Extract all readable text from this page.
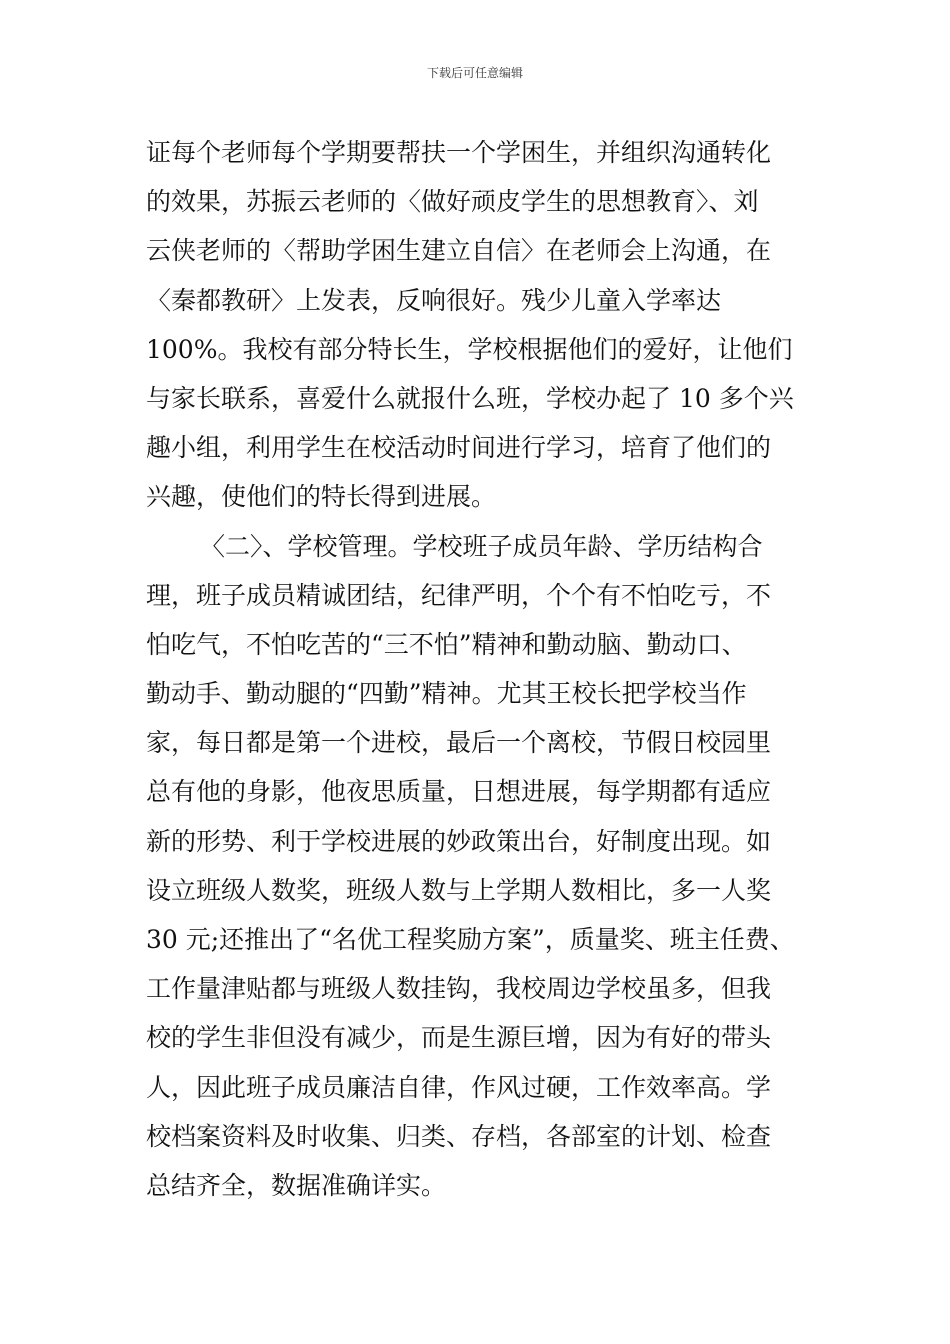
下载后可任意编辑
证每个老师每个学期要帮扶一个学困生，并组织沟通转化
的效果，苏振云老师的〈做好顽皮学生的思想教育〉、刘
云侠老师的〈帮助学困生建立自信〉在老师会上沟通，在
〈秦都教研〉上发表，反响很好。残少儿童入学率达
100%。我校有部分特长生，学校根据他们的爱好，让他们
与家长联系，喜爱什么就报什么班，学校办起了 10 多个兴
趣小组，利用学生在校活动时间进行学习，培育了他们的
兴趣，使他们的特长得到进展。
〈二〉、学校管理。学校班子成员年龄、学历结构合
理，班子成员精诚团结，纪律严明，个个有不怕吃亏，不
怕吃气，不怕吃苦的“三不怕”精神和勤动脑、勤动口、
勤动手、勤动腿的“四勤”精神。尤其王校长把学校当作
家，每日都是第一个进校，最后一个离校，节假日校园里
总有他的身影，他夜思质量，日想进展，每学期都有适应
新的形势、利于学校进展的妙政策出台，好制度出现。如
设立班级人数奖，班级人数与上学期人数相比，多一人奖
30 元;还推出了“名优工程奖励方案”，质量奖、班主任费、
工作量津贴都与班级人数挂钩，我校周边学校虽多，但我
校的学生非但没有减少，而是生源巨增，因为有好的带头
人，因此班子成员廉洁自律，作风过硬，工作效率高。学
校档案资料及时收集、归类、存档，各部室的计划、检查
总结齐全，数据准确详实。
